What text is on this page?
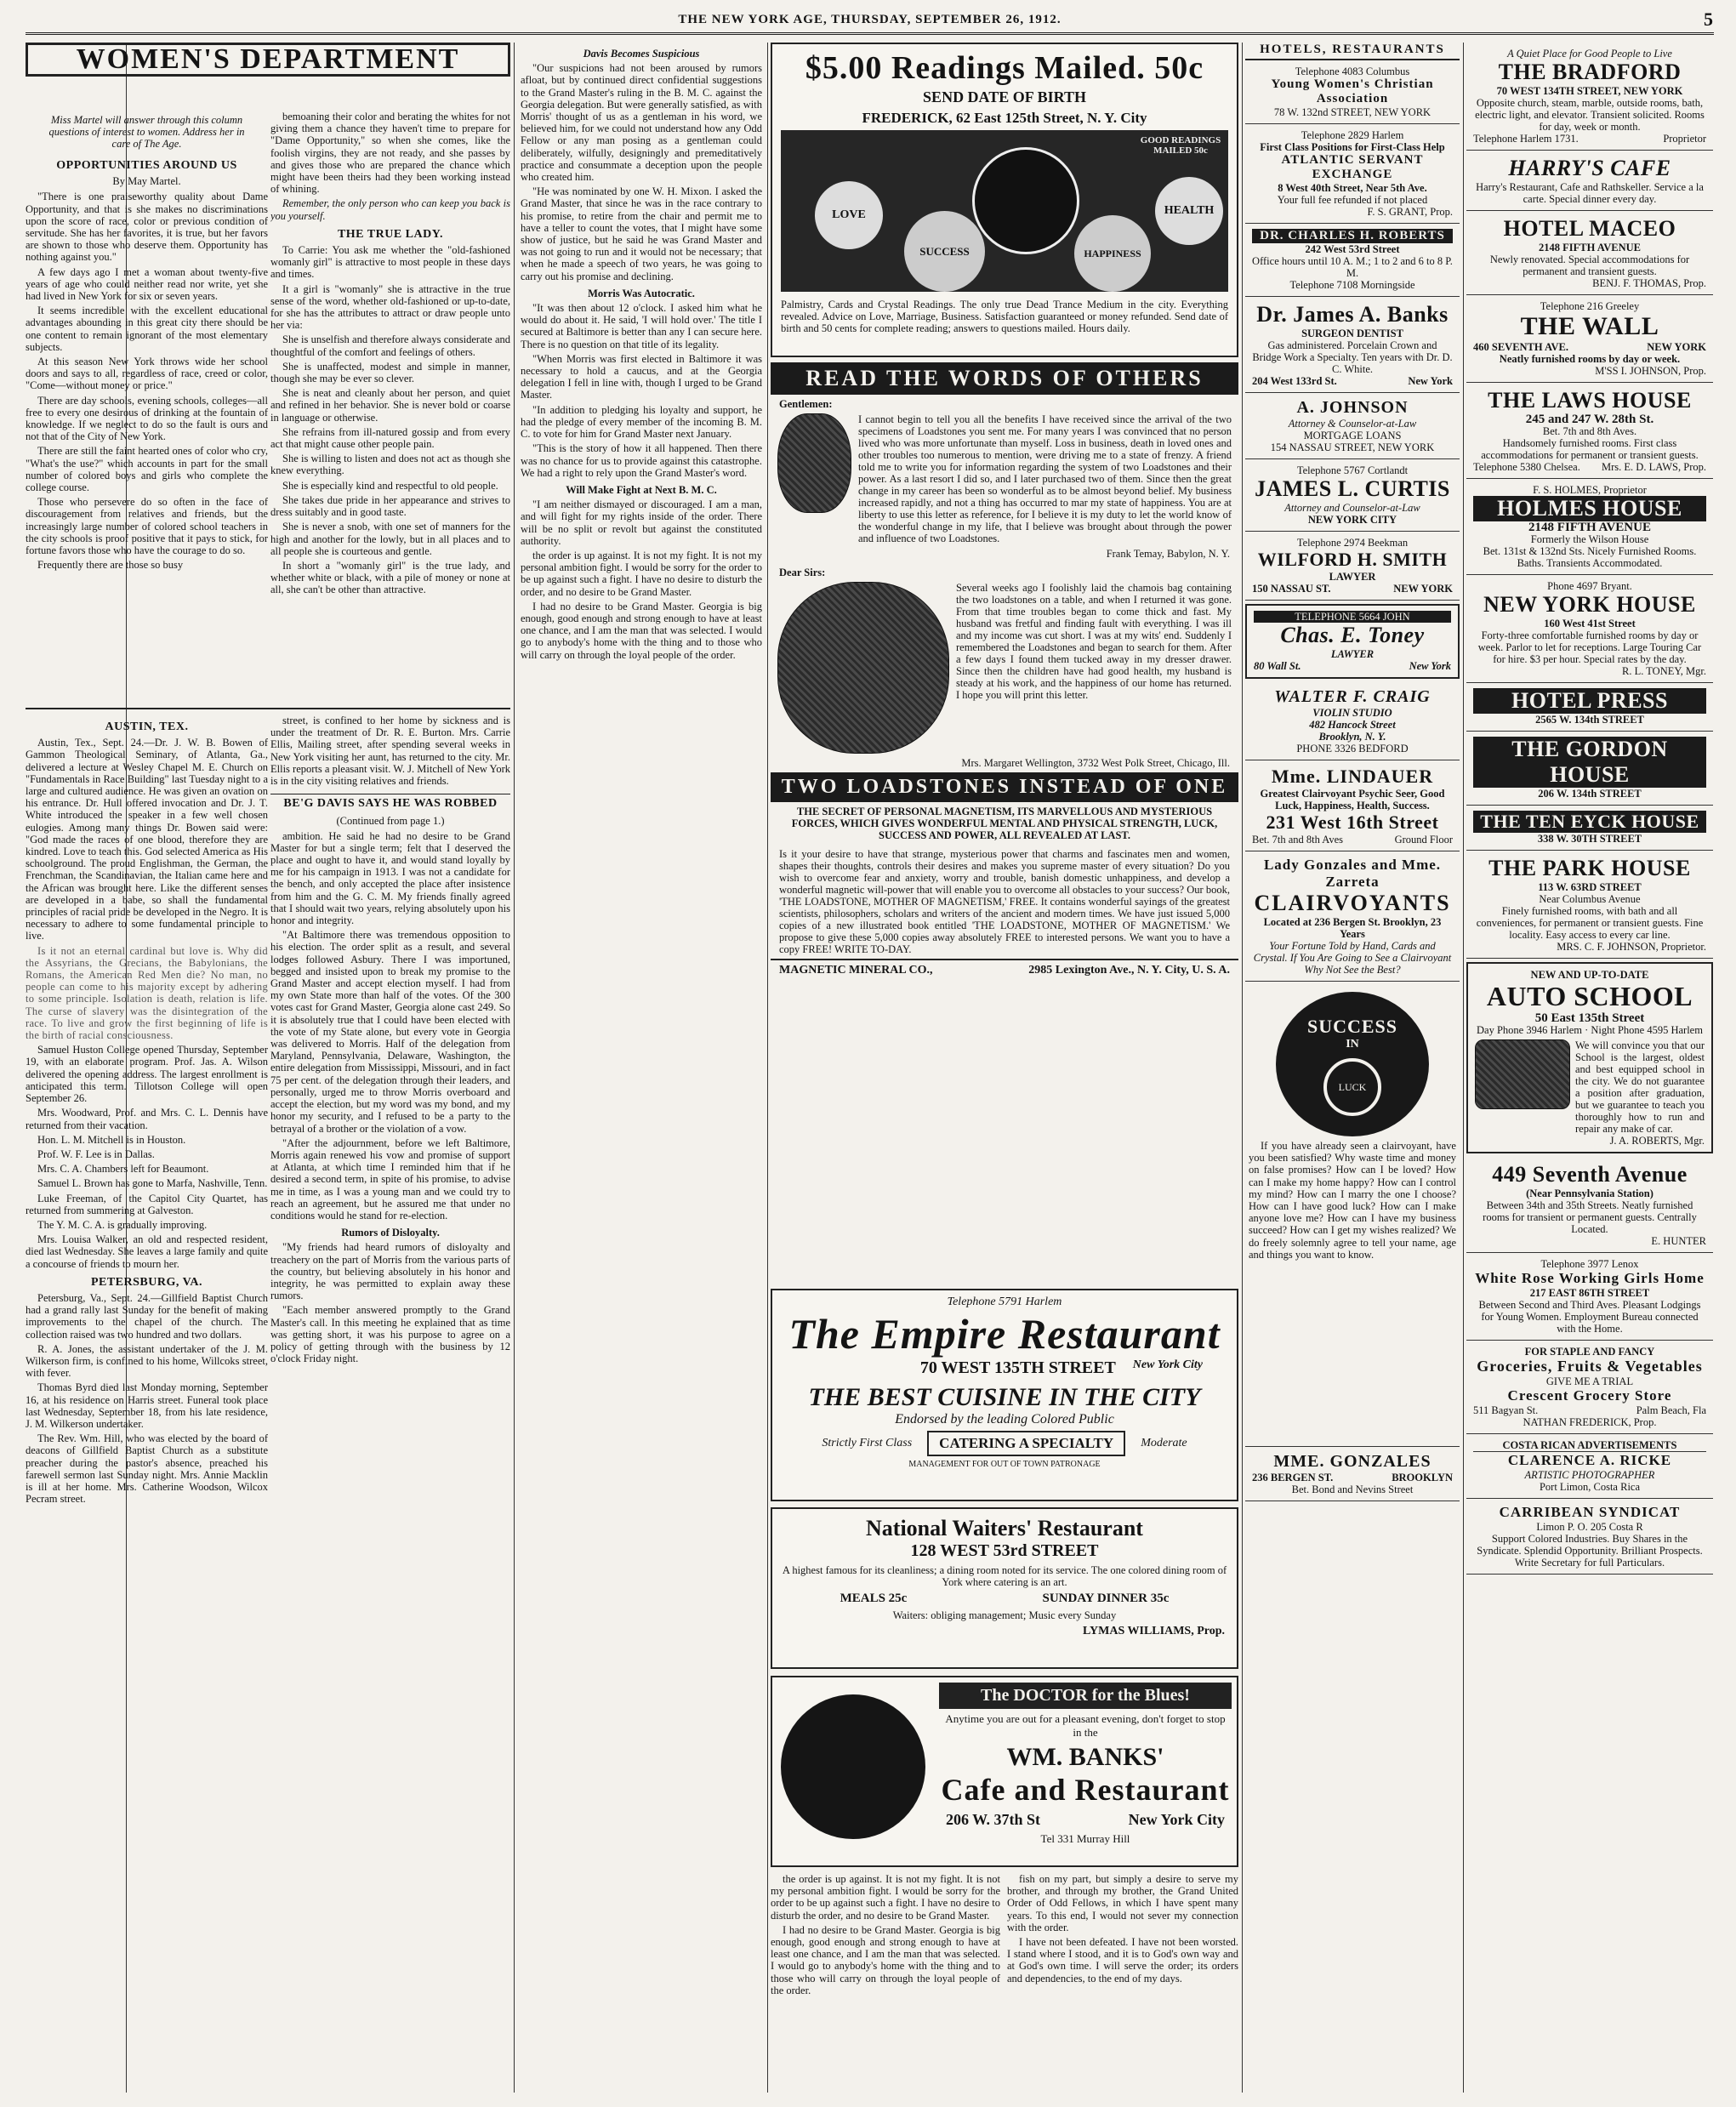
THE NEW YORK AGE, THURSDAY, SEPTEMBER 26, 1912.	5
WOMEN'S DEPARTMENT
Miss Martel will answer through this column questions of interest to women. Address her in care of The Age.
OPPORTUNITIES AROUND US
By May Martel.

"There is one praiseworthy quality about Dame Opportunity, and that is she makes no discriminations upon the score of race, color or previous condition of servitude. She has her favorites, it is true, but her favors are shown to those who deserve them. Opportunity has nothing against you."

A few days ago I met a woman about twenty-five years of age who could neither read nor write, yet she had lived in New York for six or seven years.

It seems incredible with the excellent educational advantages abounding in this great city there should be one content to remain ignorant of the most elementary subjects.

At this season New York throws wide her school doors and says to all, regardless of race, creed or color, "Come—without money or price."

There are day schools, evening schools, colleges—all free to every one desirous of drinking at the fountain of knowledge. If we neglect to do so the fault is ours and not that of the City of New York.

There are still the faint hearted ones of color who cry, "What's the use?" which accounts in part for the small number of colored boys and girls who complete the college course.

Those who persevere do so often in the face of discouragement from relatives and friends, but the increasingly large number of colored school teachers in the city schools is proof positive that it pays to stick, for fortune favors those who have the courage to do so.

Frequently there are those so busy

bemoaning their color and berating the whites for not giving them a chance they haven't time to prepare for "Dame Opportunity," so when she comes, like the foolish virgins, they are not ready, and she passes by and gives those who are prepared the chance which might have been theirs had they been working instead of whining.

Remember, the only person who can keep you back is you yourself.

THE TRUE LADY.

To Carrie: You ask me whether the "old-fashioned womanly girl" is attractive to most people in these days and times.

It a girl is "womanly" she is attractive in the true sense of the word, whether old-fashioned or up-to-date, for she has the attributes to attract or draw people unto her via:

She is unselfish and therefore always considerate and thoughtful of the comfort and feelings of others.

She is unaffected, modest and simple in manner, though she may be ever so clever.

She is neat and cleanly about her person, and quiet and refined in her behavior. She is never bold or coarse in language or otherwise.

She refrains from ill-natured gossip and from every act that might cause other people pain.

She is willing to listen and does not act as though she knew everything.

She is especially kind and respectful to old people.

She takes due pride in her appearance and strives to dress suitably and in good taste.

She is never a snob, with one set of manners for the high and another for the lowly, but in all places and to all people she is courteous and gentle.

In short a "womanly girl" is the true lady, and whether white or black, with a pile of money or none at all, she can't be other than attractive.

AUSTIN, TEX.

Austin, Tex., Sept. 24.—Dr. J. W. B. Bowen of Gammon Theological Seminary, of Atlanta, Ga., delivered a lecture at Wesley Chapel M. E. Church on "Fundamentals in Race Building" last Tuesday night to a large and cultured audience. He was given an ovation on his entrance. Dr. Hull offered invocation and Dr. J. T. White introduced the speaker in a few well chosen eulogies. Among many things Dr. Bowen said were: "God made the races of one blood, therefore they are kindred. Love to teach this. God selected America as His schoolground. The proud Englishman, the German, the Frenchman, the Scandinavian, the Italian came here and the African was brought here. Like the different senses are developed in a babe, so shall the fundamental principles of racial pride be developed in the Negro. It is necessary to adhere to some fundamental principle to live.

Is it not an eternal cardinal but love is. Why did the Assyrians, the Grecians, the Babylonians, the Romans, the American Red Men die? No man, no people can come to his majority except by adhering to some principle. Isolation is death, relation is life. The curse of slavery was the disintegration of the race. To live and grow the first beginning of life is the birth of racial consciousness.

Samuel Huston College opened Thursday, September 19, with an elaborate program. Prof. Jas. A. Wilson delivered the opening address. The largest enrollment is anticipated this term. Tillotson College will open September 26.

Mrs. Woodward, Prof. and Mrs. C. L. Dennis have returned from their vacation.

Hon. L. M. Mitchell is in Houston.

Prof. W. F. Lee is in Dallas.

Mrs. C. A. Chambers left for Beaumont.

Samuel L. Brown has gone to Marfa, Nashville, Tenn.

Luke Freeman, of the Capitol City Quartet, has returned from summering at Galveston.

The Y. M. C. A. is gradually improving.

Mrs. Louisa Walker, an old and respected resident, died last Wednesday. She leaves a large family and quite a concourse of friends to mourn her.

PETERSBURG, VA.

Petersburg, Va., Sept. 24.—Gillfield Baptist Church had a grand rally last Sunday for the benefit of making improvements to the chapel of the church. The collection raised was two hundred and two dollars.

R. A. Jones, the assistant undertaker of the J. M. Wilkerson firm, is confined to his home, Willcoks street, with fever.

Thomas Byrd died last Monday morning, September 16, at his residence on Harris street. Funeral took place last Wednesday, September 18, from his late residence, J. M. Wilkerson undertaker.

The Rev. Wm. Hill, who was elected by the board of deacons of Gillfield Baptist Church as a substitute preacher during the pastor's absence, preached his farewell sermon last Sunday night. Mrs. Annie Macklin is ill at her home. Mrs. Catherine Woodson, Wilcox Pecram street.

street, is confined to her home by sickness and is under the treatment of Dr. R. E. Burton. Mrs. Carrie Ellis, Mailing street, after spending several weeks in New York visiting her aunt, has returned to the city. Mr. Ellis reports a pleasant visit. W. J. Mitchell of New York is in the city visiting relatives and friends.

BE'G DAVIS SAYS HE WAS ROBBED
(Continued from page 1.)

ambition. He said he had no desire to be Grand Master for but a single term; felt that I deserved the place and ought to have it, and would stand loyally by me for his campaign in 1913. I was not a candidate for the bench, and only accepted the place after insistence from him and the G. C. M. My friends finally agreed that I should wait two years, relying absolutely upon his honor and integrity.

"At Baltimore there was tremendous opposition to his election. The order split as a result, and several lodges followed Asbury. There I was importuned, begged and insisted upon to break my promise to the Grand Master and accept election myself. I had from my own State more than half of the votes. Of the 300 votes cast for Grand Master, Georgia alone cast 249. So it is absolutely true that I could have been elected with the vote of my State alone, but every vote in Georgia was delivered to Morris. Half of the delegation from Maryland, Pennsylvania, Delaware, Washington, the entire delegation from Mississippi, Missouri, and in fact 75 per cent. of the delegation through their leaders, and personally, urged me to throw Morris overboard and accept the election, but my word was my bond, and my honor my security, and I refused to be a party to the betrayal of a brother or the violation of a vow.

"After the adjournment, before we left Baltimore, Morris again renewed his vow and promise of support at Atlanta, at which time I reminded him that if he desired a second term, in spite of his promise, to advise me in time, as I was a young man and we could try to reach an agreement, but he assured me that under no conditions would he stand for re-election.

Rumors of Disloyalty.

"My friends had heard rumors of disloyalty and treachery on the part of Morris from the various parts of the country, but believing absolutely in his honor and integrity, he was permitted to explain away these rumors.

"Each member answered promptly to the Grand Master's call. In this meeting he explained that as time was getting short, it was his purpose to agree on a policy of getting through with the business by 12 o'clock Friday night.

Davis Becomes Suspicious

"Our suspicions had not been aroused by rumors afloat, but by continued direct confidential suggestions to the Grand Master's ruling in the B. M. C. against the Georgia delegation. But were generally satisfied, as with Morris' thought of us as a gentleman in his word, we believed him, for we could not understand how any Odd Fellow or any man posing as a gentleman could deliberately, wilfully, designingly and premeditatively practice and consummate a deception upon the people who created him.

"He was nominated by one W. H. Mixon. I asked the Grand Master, that since he was in the race contrary to his promise, to retire from the chair and permit me to have a teller to count the votes, that I might have some show of justice, but he said he was Grand Master and was not going to run and it would not be necessary; that when he made a speech of two years, he was going to carry out his promise and declining.

Morris Was Autocratic.

"It was then about 12 o'clock. I asked him what he would do about it. He said, 'I will hold over.' The title I secured at Baltimore is better than any I can secure here. There is no question on that title of its legality.

"When Morris was first elected in Baltimore it was necessary to hold a caucus, and at the Georgia delegation I fell in line with, though I urged to be Grand Master.

"In addition to pledging his loyalty and support, he had the pledge of every member of the incoming B. M. C. to vote for him for Grand Master next January.

"This is the story of how it all happened. Then there was no chance for us to provide against this catastrophe. We had a right to rely upon the Grand Master's word.

Will Make Fight at Next B. M. C.

"I am neither dismayed or discouraged. I am a man, and will fight for my rights inside of the order. There will be no split or revolt but against the constituted authority.

the order is up against. It is not my fight. It is not my personal ambition fight. I would be sorry for the order to be up against such a fight. I have no desire to disturb the order, and no desire to be Grand Master.

I had no desire to be Grand Master. Georgia is big enough, good enough and strong enough to have at least one chance, and I am the man that was selected. I would go to anybody's home with the thing and to those who will carry on through the loyal people of the order.

$5.00 Readings Mailed. 50c
SEND DATE OF BIRTH
FREDERICK, 62 East 125th Street, N. Y. City
LOVE
SUCCESS	HAPPINESS
HEALTH
GOOD READINGS MAILED 50c
Palmistry, Cards and Crystal Readings. The only true Dead Trance Medium in the city. Everything revealed. Advice on Love, Marriage, Business. Satisfaction guaranteed or money refunded. Send date of birth and 50 cents for complete reading; answers to questions mailed. Hours daily.
READ THE WORDS OF OTHERS
Gentlemen:
I cannot begin to tell you all the benefits I have received since the arrival of the two specimens of Loadstones you sent me. For many years I was convinced that no person lived who was more unfortunate than myself. Loss in business, death in loved ones and other troubles too numerous to mention, were driving me to a state of frenzy. A friend told me to write you for information regarding the system of two Loadstones and their power. As a last resort I did so, and I later purchased two of them. Since then the great change in my career has been so wonderful as to be almost beyond belief. My business increased rapidly, and not a thing has occurred to mar my state of happiness. You are at liberty to use this letter as reference, for I believe it is my duty to let the world know of the wonderful change in my life, that I believe was brought about through the power and influence of two Loadstones.
Frank Temay, Babylon, N. Y.
Dear Sirs:
Several weeks ago I foolishly laid the chamois bag containing the two loadstones on a table, and when I returned it was gone. From that time troubles began to come thick and fast. My husband was fretful and finding fault with everything. I was ill and my income was cut short. I was at my wits' end. Suddenly I remembered the Loadstones and began to search for them. After a few days I found them tucked away in my dresser drawer. Since then the children have had good health, my husband is steady at his work, and the happiness of our home has returned. I hope you will print this letter.
Mrs. Margaret Wellington, 3732 West Polk Street, Chicago, Ill.
TWO LOADSTONES INSTEAD OF ONE
THE SECRET OF PERSONAL MAGNETISM, ITS MARVELLOUS AND MYSTERIOUS FORCES, WHICH GIVES WONDERFUL MENTAL AND PHYSICAL STRENGTH, LUCK, SUCCESS AND POWER, ALL REVEALED AT LAST.
Is it your desire to have that strange, mysterious power that charms and fascinates men and women, shapes their thoughts, controls their desires and makes you supreme master of every situation? Do you wish to overcome fear and anxiety, worry and trouble, banish domestic unhappiness, and develop a wonderful magnetic will-power that will enable you to overcome all obstacles to your success? Our book, 'THE LOADSTONE, MOTHER OF MAGNETISM,' FREE. It contains wonderful sayings of the greatest scientists, philosophers, scholars and writers of the ancient and modern times. We have just issued 5,000 copies of a new illustrated book entitled 'THE LOADSTONE, MOTHER OF MAGNETISM.' We propose to give these 5,000 copies away absolutely FREE to interested persons. We want you to have a copy FREE! WRITE TO-DAY.
MAGNETIC MINERAL CO.,	2985 Lexington Ave., N. Y. City, U. S. A.
Telephone 5791 Harlem
The Empire Restaurant
70 WEST 135TH STREET New York City
THE BEST CUISINE IN THE CITY
Endorsed by the leading Colored Public
Strictly First Class	CATERING A SPECIALTY	Moderate
MANAGEMENT FOR OUT OF TOWN PATRONAGE
National Waiters' Restaurant
128 WEST 53rd STREET
A highest famous for its cleanliness; a dining room noted for its service. The one colored dining room of York where catering is an art.
MEALS 25c	SUNDAY DINNER 35c
Waiters: obliging management; Music every Sunday
LYMAS WILLIAMS, Prop.
The DOCTOR for the Blues!
Anytime you are out for a pleasant evening, don't forget to stop in the
WM. BANKS'
Cafe and Restaurant
206 W. 37th St	New York City
Tel 331 Murray Hill

the order is up against. It is not my fight. It is not my personal ambition fight. I would be sorry for the order to be up against such a fight. I have no desire to disturb the order, and no desire to be Grand Master.

I had no desire to be Grand Master. Georgia is big enough, good enough and strong enough to have at least one chance, and I am the man that was selected. I would go to anybody's home with the thing and to those who will carry on through the loyal people of the order.

fish on my part, but simply a desire to serve my brother, and through my brother, the Grand United Order of Odd Fellows, in which I have spent many years. To this end, I would not sever my connection with the order.

I have not been defeated. I have not been worsted. I stand where I stood, and it is to God's own way and at God's own time. I will serve the order; its orders and dependencies, to the end of my days.

HOTELS, RESTAURANTS
Telephone 4083 Columbus
Young Women's Christian Association
78 W. 132nd STREET, NEW YORK
Telephone 2829 Harlem
First Class Positions for First-Class Help
ATLANTIC SERVANT EXCHANGE
8 West 40th Street, Near 5th Ave.
Your full fee refunded if not placed
F. S. GRANT, Prop.
DR. CHARLES H. ROBERTS
242 West 53rd Street
Office hours until 10 A. M.; 1 to 2 and 6 to 8 P. M.
Telephone 7108 Morningside
Dr. James A. Banks
SURGEON DENTIST
Gas administered. Porcelain Crown and Bridge Work a Specialty. Ten years with Dr. D. C. White.
204 West 133rd St.	New York
A. JOHNSON
Attorney & Counselor-at-Law
MORTGAGE LOANS
154 NASSAU STREET, NEW YORK
Telephone 5767 Cortlandt
JAMES L. CURTIS
Attorney and Counselor-at-Law
NEW YORK CITY
Telephone 2974 Beekman
WILFORD H. SMITH
LAWYER
150 NASSAU ST.	NEW YORK
TELEPHONE 5664 JOHN
Chas. E. Toney
LAWYER
80 Wall St.	New York
WALTER F. CRAIG
VIOLIN STUDIO
482 Hancock Street
Brooklyn, N. Y.
PHONE 3326 BEDFORD
Mme. LINDAUER
Greatest Clairvoyant Psychic Seer, Good Luck, Happiness, Health, Success.
231 West 16th Street
Bet. 7th and 8th Aves	Ground Floor
Lady Gonzales and Mme. Zarreta
CLAIRVOYANTS
Located at 236 Bergen St. Brooklyn, 23 Years
Your Fortune Told by Hand, Cards and Crystal. If You Are Going to See a Clairvoyant Why Not See the Best?
SUCCESS
IN
LUCK

If you have already seen a clairvoyant, have you been satisfied? Why waste time and money on false promises? How can I be loved? How can I make my home happy? How can I control my mind? How can I marry the one I choose? How can I have good luck? How can I make anyone love me? How can I have my business succeed? How can I get my wishes realized? We do freely solemnly agree to tell your name, age and things you want to know.

MME. GONZALES
236 BERGEN ST.	BROOKLYN
Bet. Bond and Nevins Street
A Quiet Place for Good People to Live
THE BRADFORD
70 WEST 134TH STREET, NEW YORK
Opposite church, steam, marble, outside rooms, bath, electric light, and elevator. Transient solicited. Rooms for day, week or month.
Telephone Harlem 1731.	Proprietor
HARRY'S CAFE
Harry's Restaurant, Cafe and Rathskeller. Service a la carte. Special dinner every day.
HOTEL MACEO
2148 FIFTH AVENUE
Newly renovated. Special accommodations for permanent and transient guests.
BENJ. F. THOMAS, Prop.
Telephone 216 Greeley
THE WALL
460 SEVENTH AVE.	NEW YORK
Neatly furnished rooms by day or week.
M'SS I. JOHNSON, Prop.
THE LAWS HOUSE
245 and 247 W. 28th St.
Bet. 7th and 8th Aves.
Handsomely furnished rooms. First class accommodations for permanent or transient guests.
Telephone 5380 Chelsea. Mrs. E. D. LAWS, Prop.
F. S. HOLMES, Proprietor
HOLMES HOUSE
2148 FIFTH AVENUE
Formerly the Wilson House
Bet. 131st & 132nd Sts. Nicely Furnished Rooms. Baths. Transients Accommodated.
Phone 4697 Bryant.
NEW YORK HOUSE
160 West 41st Street
Forty-three comfortable furnished rooms by day or week. Parlor to let for receptions. Large Touring Car for hire. $3 per hour. Special rates by the day.
R. L. TONEY, Mgr.
HOTEL PRESS
2565 W. 134th STREET
THE GORDON HOUSE
206 W. 134th STREET
THE TEN EYCK HOUSE
338 W. 30TH STREET
THE PARK HOUSE
113 W. 63RD STREET
Near Columbus Avenue
Finely furnished rooms, with bath and all conveniences, for permanent or transient guests. Fine locality. Easy access to every car line.
MRS. C. F. JOHNSON, Proprietor.
NEW AND UP-TO-DATE
AUTO SCHOOL
50 East 135th Street
Day Phone 3946 Harlem · Night Phone 4595 Harlem
We will convince you that our School is the largest, oldest and best equipped school in the city. We do not guarantee a position after graduation, but we guarantee to teach you thoroughly how to run and repair any make of car.
J. A. ROBERTS, Mgr.
449 Seventh Avenue
(Near Pennsylvania Station)
Between 34th and 35th Streets. Neatly furnished rooms for transient or permanent guests. Centrally Located.
E. HUNTER
Telephone 3977 Lenox
White Rose Working Girls Home
217 EAST 86TH STREET
Between Second and Third Aves. Pleasant Lodgings for Young Women. Employment Bureau connected with the Home.
FOR STAPLE AND FANCY
Groceries, Fruits & Vegetables
GIVE ME A TRIAL
Crescent Grocery Store
511 Bagyan St.	Palm Beach, Fla
NATHAN FREDERICK, Prop.
COSTA RICAN ADVERTISEMENTS
CLARENCE A. RICKE
ARTISTIC PHOTOGRAPHER
Port Limon, Costa Rica
CARRIBEAN SYNDICAT
Limon P. O. 205 Costa R
Support Colored Industries. Buy Shares in the Syndicate. Splendid Opportunity. Brilliant Prospects. Write Secretary for full Particulars.
